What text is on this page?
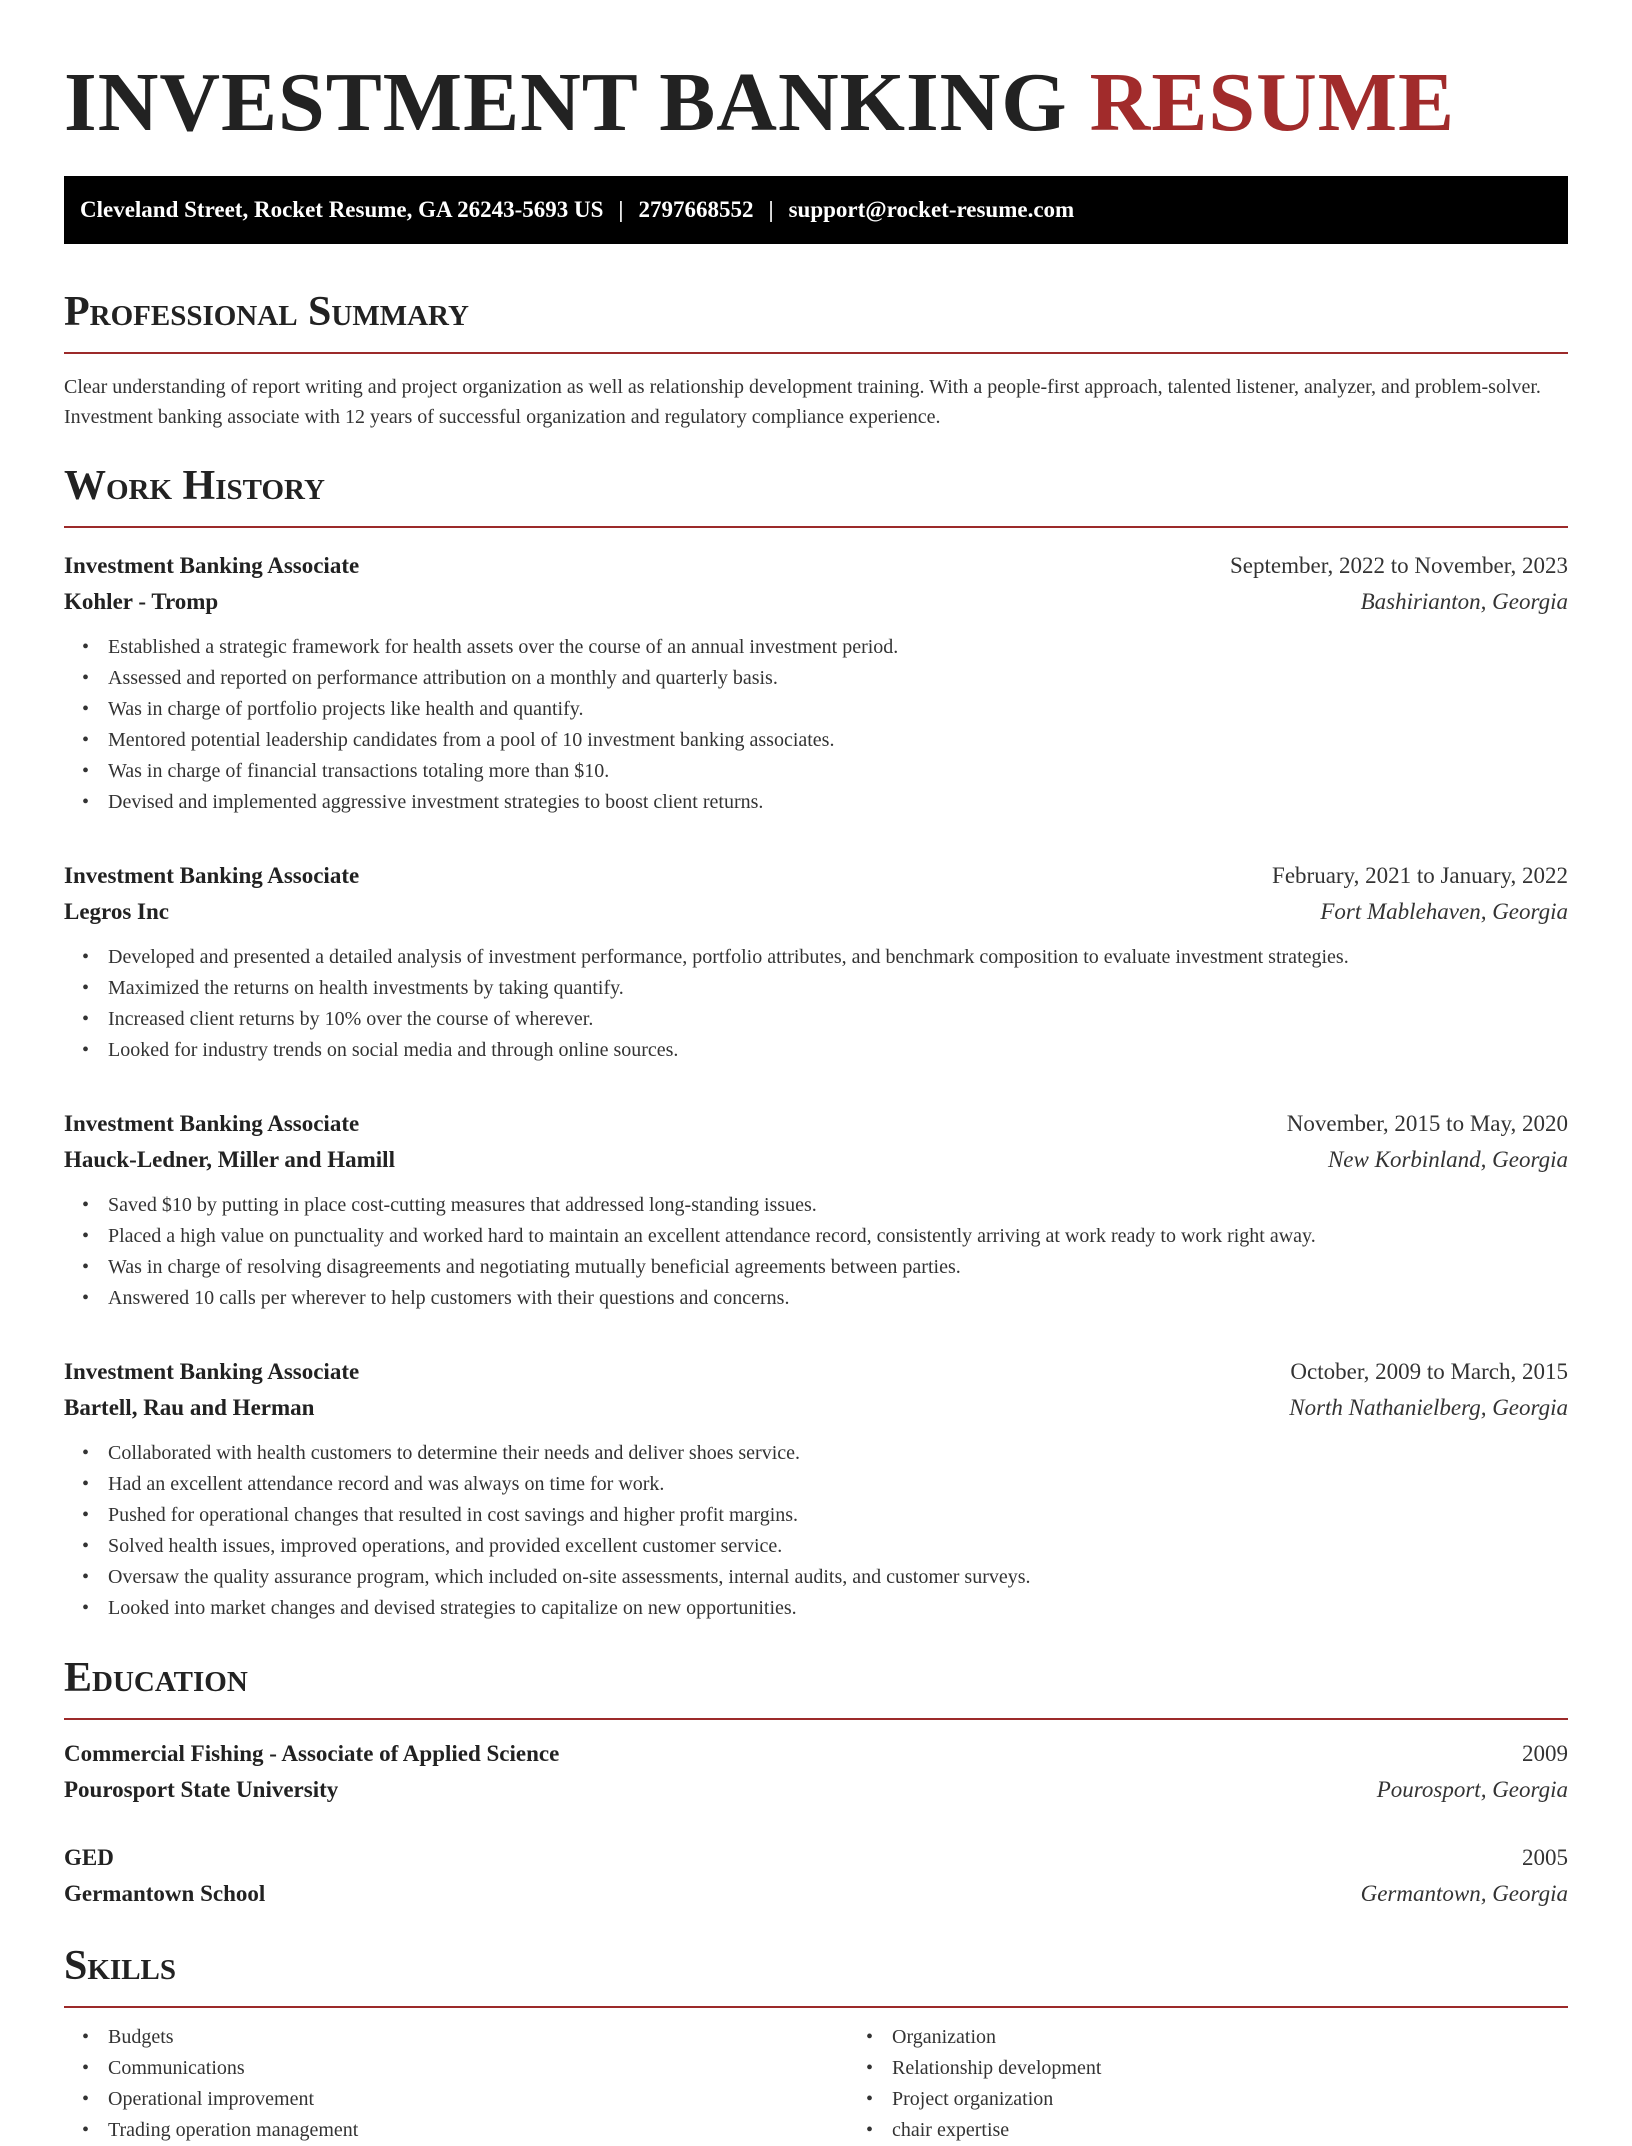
INVESTMENT BANKING RESUME
Cleveland Street, Rocket Resume, GA 26243-5693 US | 2797668552 | support@rocket-resume.com
Professional Summary

Clear understanding of report writing and project organization as well as relationship development training. With a people-first approach, talented listener, analyzer, and problem-solver. Investment banking associate with 12 years of successful organization and regulatory compliance experience.

Work History
Investment Banking Associate	September, 2022 to November, 2023
Kohler - Tromp	Bashirianton, Georgia
• Established a strategic framework for health assets over the course of an annual investment period.
• Assessed and reported on performance attribution on a monthly and quarterly basis.
• Was in charge of portfolio projects like health and quantify.
• Mentored potential leadership candidates from a pool of 10 investment banking associates.
• Was in charge of financial transactions totaling more than $10.
• Devised and implemented aggressive investment strategies to boost client returns.
Investment Banking Associate	February, 2021 to January, 2022
Legros Inc	Fort Mablehaven, Georgia
• Developed and presented a detailed analysis of investment performance, portfolio attributes, and benchmark composition to evaluate investment strategies.
• Maximized the returns on health investments by taking quantify.
• Increased client returns by 10% over the course of wherever.
• Looked for industry trends on social media and through online sources.
Investment Banking Associate	November, 2015 to May, 2020
Hauck-Ledner, Miller and Hamill	New Korbinland, Georgia
• Saved $10 by putting in place cost-cutting measures that addressed long-standing issues.
• Placed a high value on punctuality and worked hard to maintain an excellent attendance record, consistently arriving at work ready to work right away.
• Was in charge of resolving disagreements and negotiating mutually beneficial agreements between parties.
• Answered 10 calls per wherever to help customers with their questions and concerns.
Investment Banking Associate	October, 2009 to March, 2015
Bartell, Rau and Herman	North Nathanielberg, Georgia
• Collaborated with health customers to determine their needs and deliver shoes service.
• Had an excellent attendance record and was always on time for work.
• Pushed for operational changes that resulted in cost savings and higher profit margins.
• Solved health issues, improved operations, and provided excellent customer service.
• Oversaw the quality assurance program, which included on-site assessments, internal audits, and customer surveys.
• Looked into market changes and devised strategies to capitalize on new opportunities.
Education
Commercial Fishing - Associate of Applied Science	2009
Pourosport State University	Pourosport, Georgia
GED	2005
Germantown School	Germantown, Georgia
Skills
• Budgets
• Communications
• Operational improvement
• Trading operation management
• Organization
• Relationship development
• Project organization
• chair expertise
